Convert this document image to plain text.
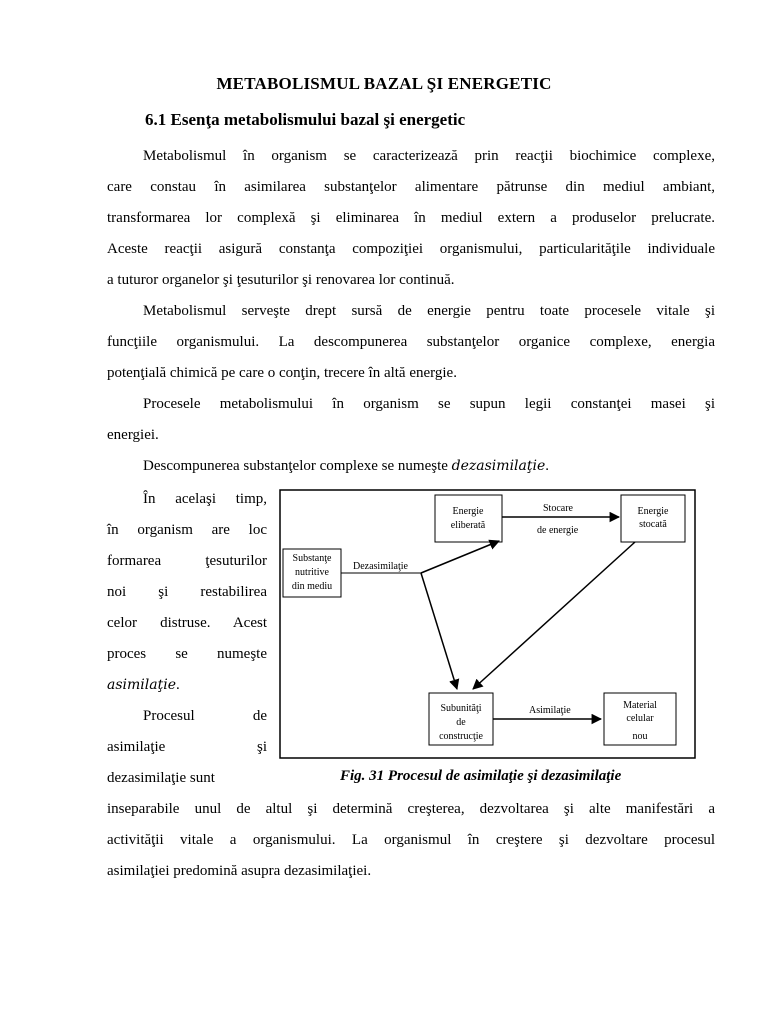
METABOLISMUL BAZAL ŞI ENERGETIC
6.1 Esenţa metabolismului bazal şi energetic
Metabolismul în organism se caracterizează prin reacţii biochimice complexe,
care constau în asimilarea substanţelor alimentare pătrunse din mediul ambiant,
transformarea lor complexă şi eliminarea în mediul extern a produselor prelucrate.
Aceste reacţii asigură constanţa compoziţiei organismului, particularităţile individuale
a tuturor organelor şi ţesuturilor şi renovarea lor continuă.
Metabolismul serveşte drept sursă de energie pentru toate procesele vitale şi
funcţiile organismului. La descompunerea substanţelor organice complexe, energia
potenţială chimică pe care o conţin, trecere în altă energie.
Procesele metabolismului în organism se supun legii constanţei masei şi
energiei.
Descompunerea substanţelor complexe se numeşte dezasimilaţie.
În acelaşi timp,
în organism are loc
formarea ţesuturilor
noi şi restabilirea
celor distruse. Acest
proces se numeşte
asimilaţie.
Procesul de
asimilaţie şi
dezasimilaţie sunt
Substanţe
nutritive
din mediu
Energie
eliberată
Energie
stocată
Subunităţi
de
construcţie
Material
celular
nou
Dezasimilaţie
Stocare
de energie
Asimilaţie
Fig. 31 Procesul de asimilaţie şi dezasimilaţie
inseparabile unul de altul şi determină creşterea, dezvoltarea şi alte manifestări a
activităţii vitale a organismului. La organismul în creştere şi dezvoltare procesul
asimilaţiei predomină asupra dezasimilaţiei.
